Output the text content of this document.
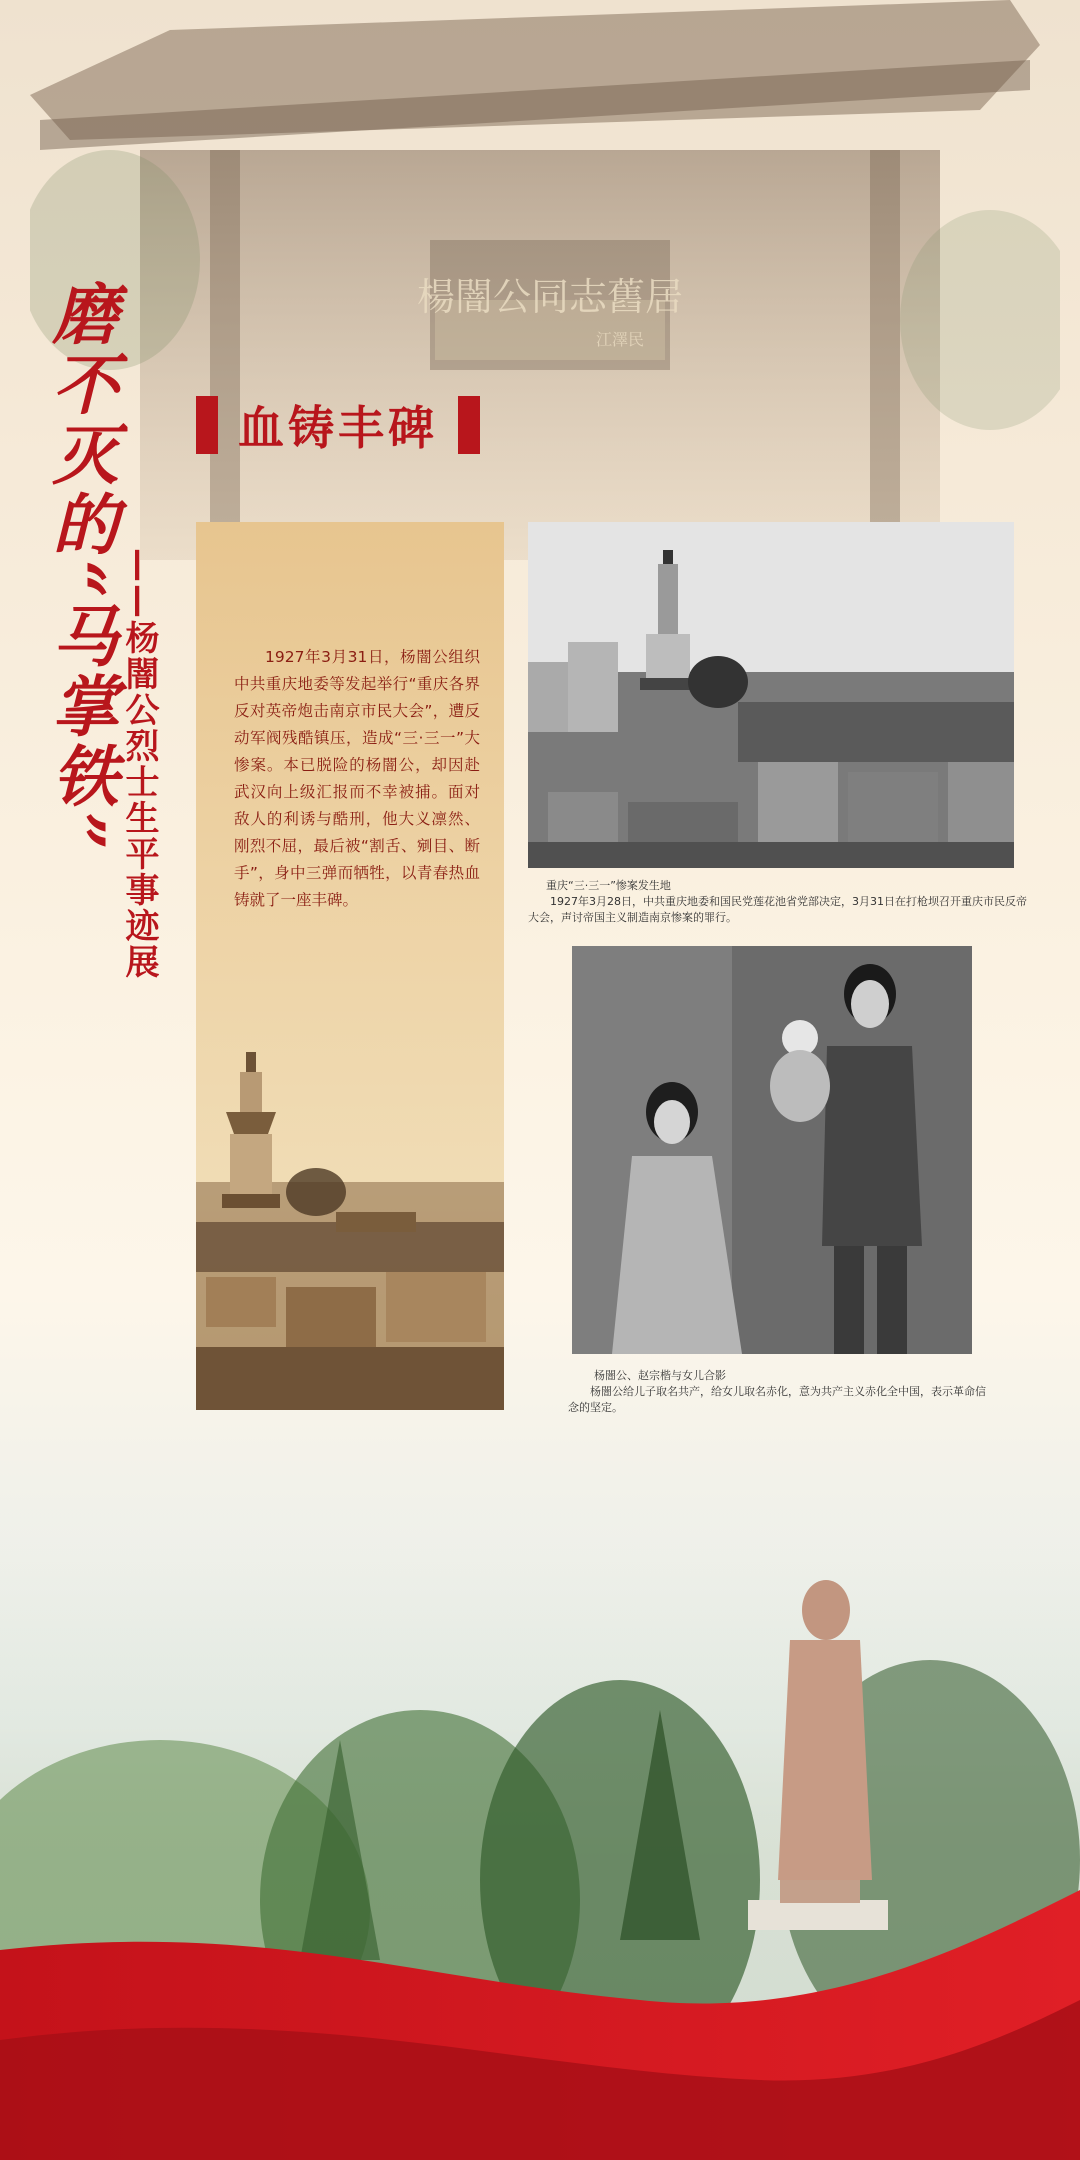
楊闇公同志舊居
江澤民
磨不灭的“马掌铁” ——杨闇公烈士生平事迹展
血铸丰碑

1927年3月31日，杨闇公组织中共重庆地委等发起举行“重庆各界反对英帝炮击南京市民大会”，遭反动军阀残酷镇压，造成“三·三一”大惨案。本已脱险的杨闇公，却因赴武汉向上级汇报而不幸被捕。面对敌人的利诱与酷刑，他大义凛然、刚烈不屈，最后被“割舌、剜目、断手”，身中三弹而牺牲，以青春热血铸就了一座丰碑。

重庆“三·三一”惨案发生地

1927年3月28日，中共重庆地委和国民党莲花池省党部决定，3月31日在打枪坝召开重庆市民反帝大会，声讨帝国主义制造南京惨案的罪行。

杨闇公、赵宗楷与女儿合影

杨闇公给儿子取名共产，给女儿取名赤化，意为共产主义赤化全中国，表示革命信念的坚定。
